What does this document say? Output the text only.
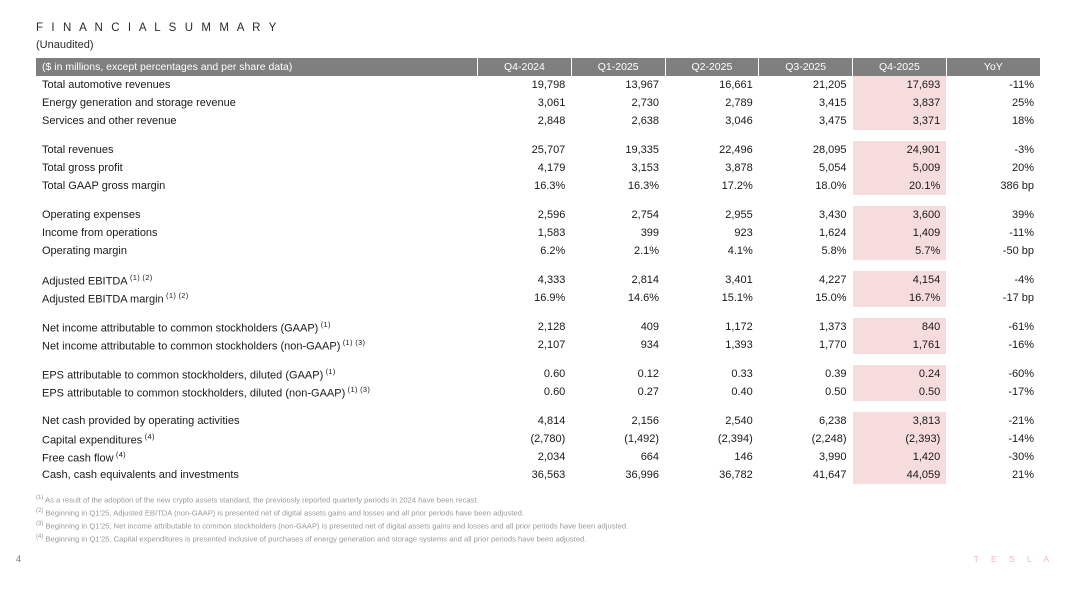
F I N A N C I A L S U M M A R Y
(Unaudited)
($ in millions, except percentages and per share data)	Q4-2024	Q1-2025	Q2-2025	Q3-2025	Q4-2025	YoY
Total automotive revenues	19,798	13,967	16,661	21,205	17,693	-11%
Energy generation and storage revenue	3,061	2,730	2,789	3,415	3,837	25%
Services and other revenue	2,848	2,638	3,046	3,475	3,371	18%

Total revenues	25,707	19,335	22,496	28,095	24,901	-3%
Total gross profit	4,179	3,153	3,878	5,054	5,009	20%
Total GAAP gross margin	16.3%	16.3%	17.2%	18.0%	20.1%	386 bp

Operating expenses	2,596	2,754	2,955	3,430	3,600	39%
Income from operations	1,583	399	923	1,624	1,409	-11%
Operating margin	6.2%	2.1%	4.1%	5.8%	5.7%	-50 bp

Adjusted EBITDA $^{(1) (2)}$	4,333	2,814	3,401	4,227	4,154	-4%
Adjusted EBITDA margin $^{(1) (2)}$	16.9%	14.6%	15.1%	15.0%	16.7%	-17 bp

Net income attributable to common stockholders (GAAP) $^{(1)}$	2,128	409	1,172	1,373	840	-61%
Net income attributable to common stockholders (non-GAAP) $^{(1) (3)}$	2,107	934	1,393	1,770	1,761	-16%

EPS attributable to common stockholders, diluted (GAAP) $^{(1)}$	0.60	0.12	0.33	0.39	0.24	-60%
EPS attributable to common stockholders, diluted (non-GAAP) $^{(1) (3)}$	0.60	0.27	0.40	0.50	0.50	-17%

Net cash provided by operating activities	4,814	2,156	2,540	6,238	3,813	-21%
Capital expenditures $^{(4)}$	(2,780)	(1,492)	(2,394)	(2,248)	(2,393)	-14%
Free cash flow $^{(4)}$	2,034	664	146	3,990	1,420	-30%
Cash, cash equivalents and investments	36,563	36,996	36,782	41,647	44,059	21%
$^{(1)}$ As a result of the adoption of the new crypto assets standard, the previously reported quarterly periods in 2024 have been recast.
$^{(2)}$ Beginning in Q1'25, Adjusted EBITDA (non-GAAP) is presented net of digital assets gains and losses and all prior periods have been adjusted.
$^{(3)}$ Beginning in Q1'25, Net income attributable to common stockholders (non-GAAP) is presented net of digital assets gains and losses and all prior periods have been adjusted.
$^{(4)}$ Beginning in Q1'25, Capital expenditures is presented inclusive of purchases of energy generation and storage systems and all prior periods have been adjusted.
4	T E S L A
